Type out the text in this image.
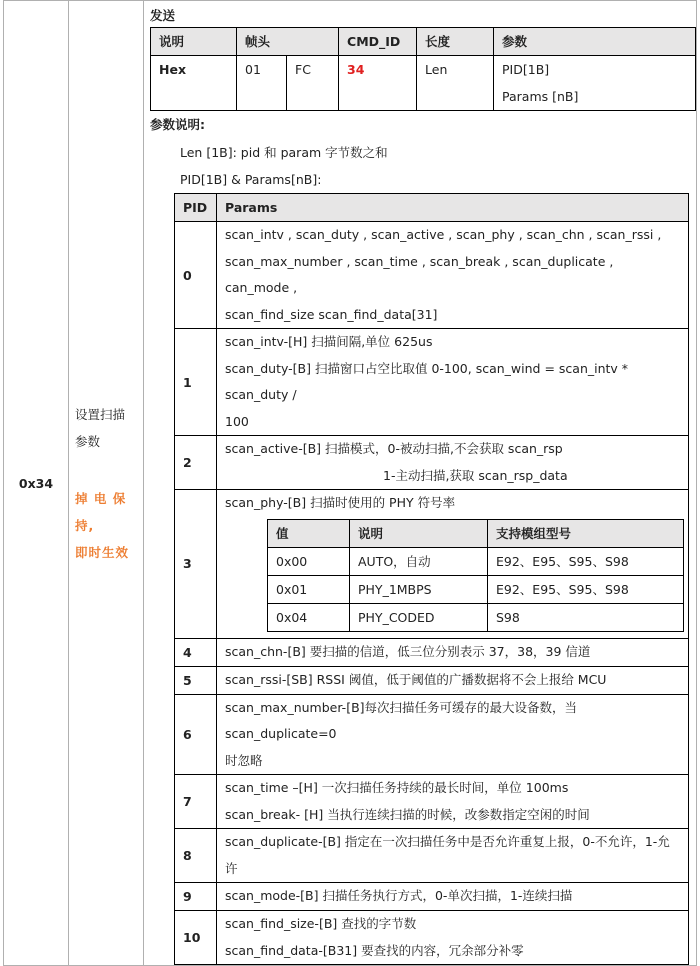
0x34	
设置扫描
参数
掉 电 保
持,
即时生效

发送
说明	帧头	CMD_ID	长度	参数
Hex	01	FC	34	Len	PID[1B]
Params [nB]
参数说明:
Len [1B]: pid 和 param 字节数之和
PID[1B] & Params[nB]:
PID	Params
0	
scan_intv , scan_duty , scan_active , scan_phy , scan_chn , scan_rssi ,
scan_max_number , scan_time , scan_break , scan_duplicate , can_mode ,
scan_find_size scan_find_data[31]

1	
scan_intv-[H] 扫描间隔,单位 625us
scan_duty-[B] 扫描窗口占空比取值 0-100, scan_wind = scan_intv * scan_duty /
100

2	
scan_active-[B] 扫描模式，0-被动扫描,不会获取 scan_rsp
1-主动扫描,获取 scan_rsp_data

3	
scan_phy-[B] 扫描时使用的 PHY 符号率
值	说明	支持模组型号
0x00	AUTO，自动	E92、E95、S95、S98
0x01	PHY_1MBPS	E92、E95、S95、S98
0x04	PHY_CODED	S98

4	scan_chn-[B] 要扫描的信道，低三位分别表示 37，38，39 信道

5	scan_rssi-[SB] RSSI 阈值，低于阈值的广播数据将不会上报给 MCU

6	
scan_max_number-[B]每次扫描任务可缓存的最大设备数，当 scan_duplicate=0
时忽略

7	
scan_time –[H] 一次扫描任务持续的最长时间，单位 100ms
scan_break- [H] 当执行连续扫描的时候，改参数指定空闲的时间

8	
scan_duplicate-[B] 指定在一次扫描任务中是否允许重复上报，0-不允许，1-允许

9	scan_mode-[B] 扫描任务执行方式，0-单次扫描，1-连续扫描

10	
scan_find_size-[B] 查找的字节数
scan_find_data-[B31] 要查找的内容，冗余部分补零
